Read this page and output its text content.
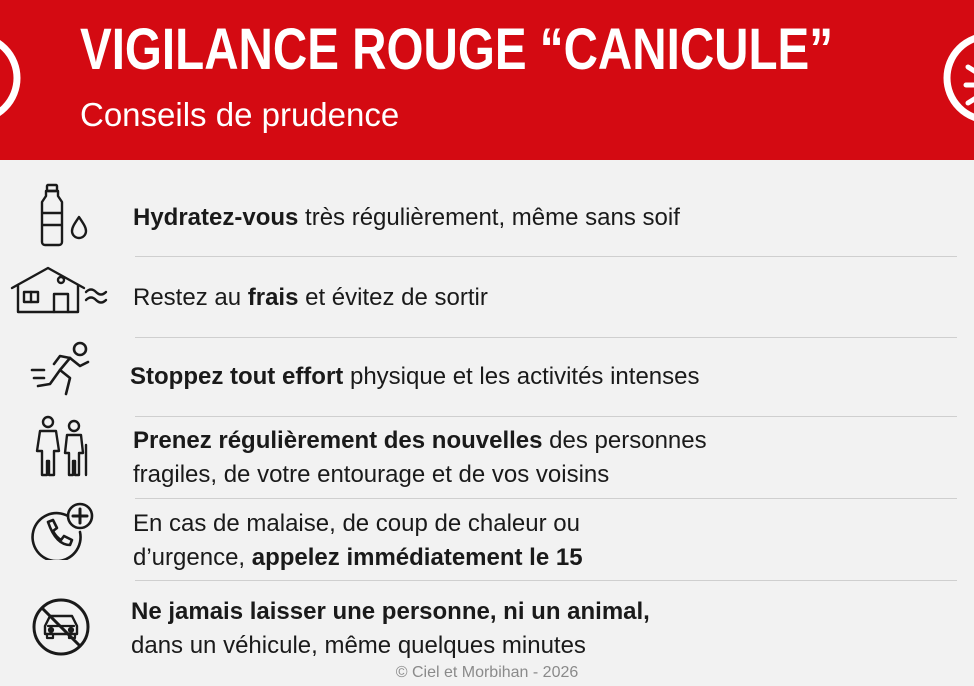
VIGILANCE ROUGE “CANICULE”
Conseils de prudence
Hydratez-vous très régulièrement, même sans soif
Restez au frais et évitez de sortir
Stoppez tout effort physique et les activités intenses
Prenez régulièrement des nouvelles des personnes
fragiles, de votre entourage et de vos voisins
En cas de malaise, de coup de chaleur ou
d’urgence, appelez immédiatement le 15
Ne jamais laisser une personne, ni un animal,
dans un véhicule, même quelques minutes
© Ciel et Morbihan - 2026
